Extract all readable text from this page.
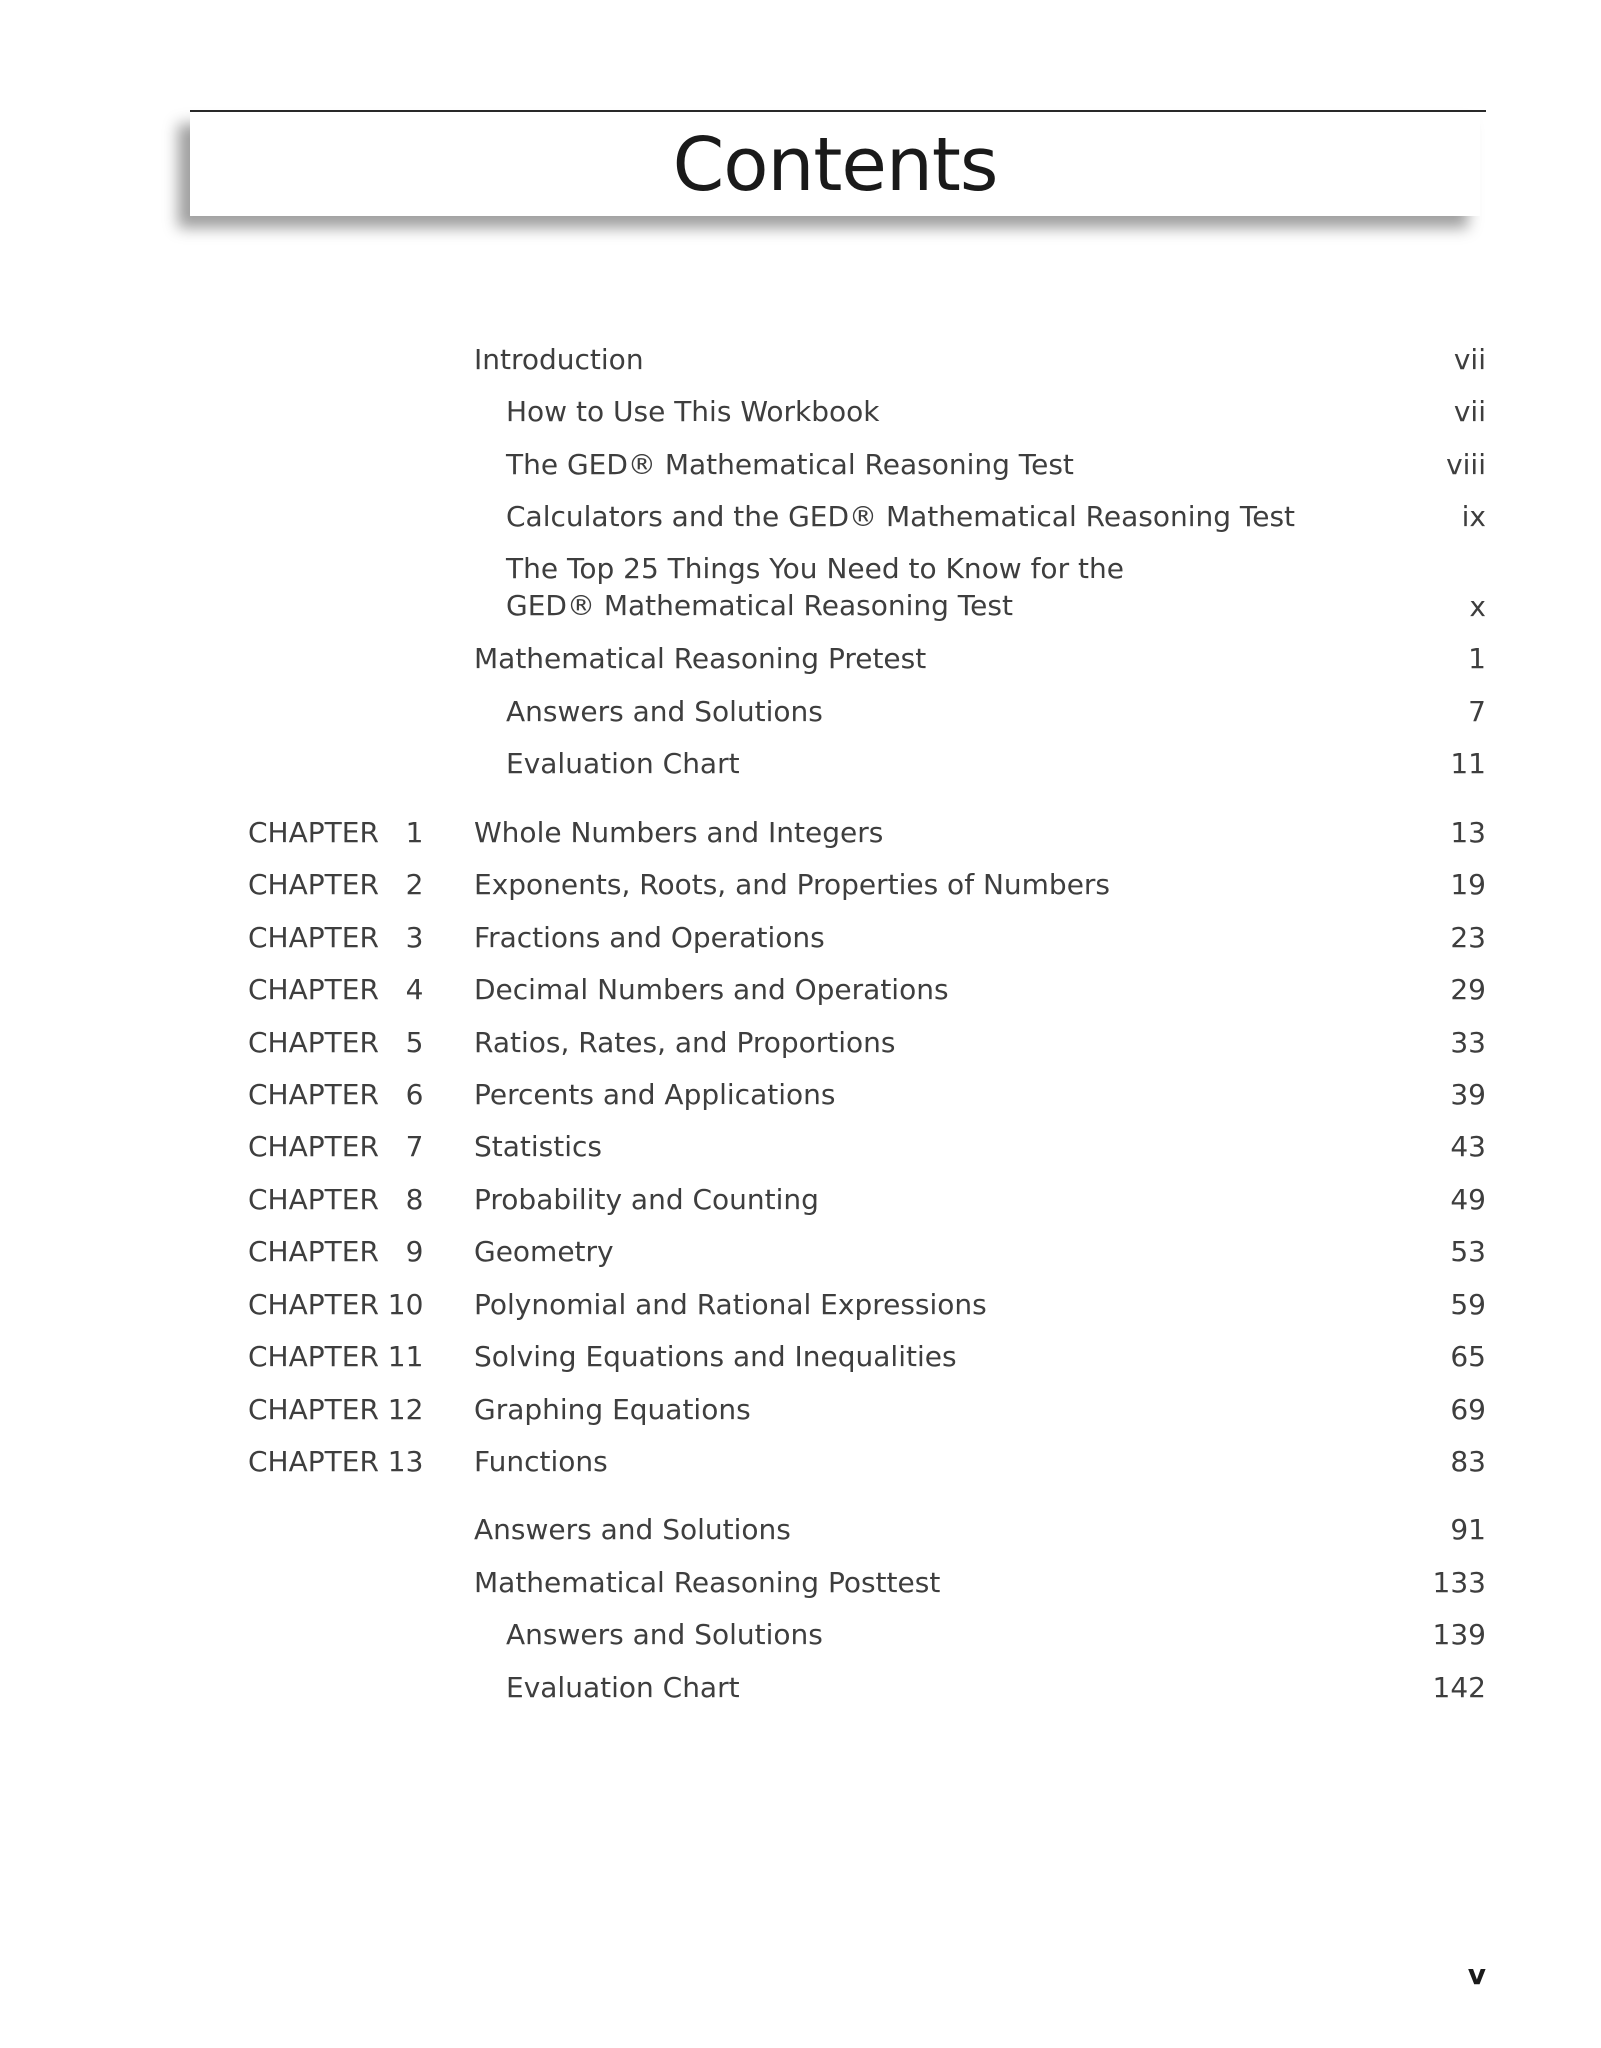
Contents
Introduction	vii
How to Use This Workbook	vii
The GED® Mathematical Reasoning Test	viii
Calculators and the GED® Mathematical Reasoning Test	ix
The Top 25 Things You Need to Know for the GED® Mathematical Reasoning Test	x
Mathematical Reasoning Pretest	1
Answers and Solutions	7
Evaluation Chart	11
CHAPTER   1 Whole Numbers and Integers	13
CHAPTER   2 Exponents, Roots, and Properties of Numbers	19
CHAPTER   3 Fractions and Operations	23
CHAPTER   4 Decimal Numbers and Operations	29
CHAPTER   5 Ratios, Rates, and Proportions	33
CHAPTER   6 Percents and Applications	39
CHAPTER   7 Statistics	43
CHAPTER   8 Probability and Counting	49
CHAPTER   9 Geometry	53
CHAPTER 10 Polynomial and Rational Expressions	59
CHAPTER 11 Solving Equations and Inequalities	65
CHAPTER 12 Graphing Equations	69
CHAPTER 13 Functions	83
Answers and Solutions	91
Mathematical Reasoning Posttest	133
Answers and Solutions	139
Evaluation Chart	142
v
